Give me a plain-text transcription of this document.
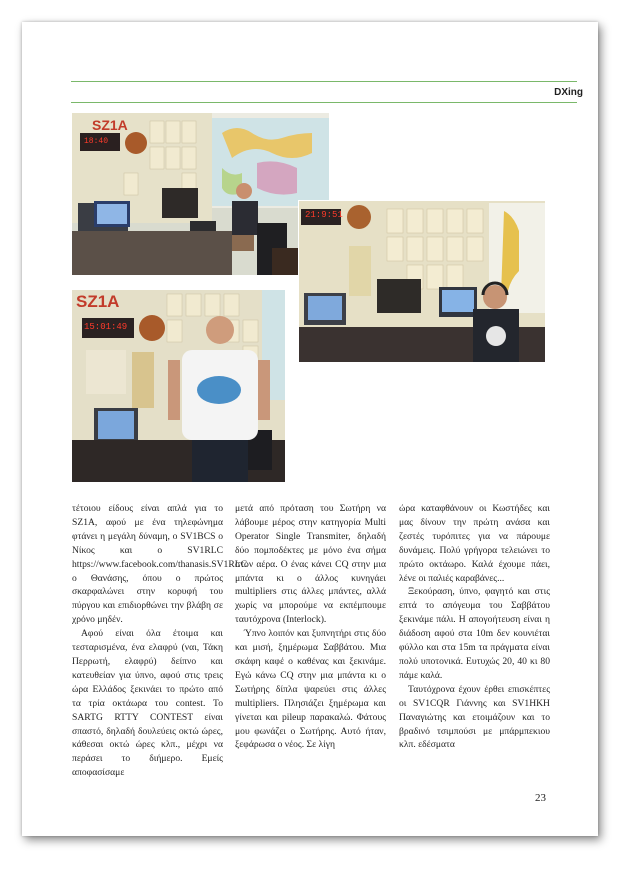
DXing
SZ1A
18:40
21:9:51
SZ1A
15:01:49

τέτοιου είδους είναι απλά για το SZ1A, αφού με ένα τηλεφώνημα φτάνει η μεγάλη δύναμη, ο SV1BCS ο Νίκος και ο SV1RLC https://www.facebook.com/thanasis.SV1RLC ο Θανάσης, όπου ο πρώτος σκαρφαλώνει στην κορυφή του πύργου και επιδιορθώνει την βλάβη σε χρόνο μηδέν.

Αφού είναι όλα έτοιμα και τεσταρισμένα, ένα ελαφρύ (ναι, Τάκη Περρωτή, ελαφρύ) δείπνο και κατευθείαν για ύπνο, αφού στις τρεις ώρα Ελλάδος ξεκινάει το πρώτο από τα τρία οκτάωρα του contest. Το SARTG RTTY CONTEST είναι σπαστό, δηλαδή δουλεύεις οκτώ ώρες, κάθεσαι οκτώ ώρες κλπ., μέχρι να περάσει το διήμερο. Εμείς αποφασίσαμε

μετά από πρόταση του Σωτήρη να λάβουμε μέρος στην κατηγορία Multi Operator Single Transmiter, δηλαδή δύο πομποδέκτες με μόνο ένα σήμα στον αέρα. Ο ένας κάνει CQ στην μια μπάντα κι ο άλλος κυνηγάει multipliers στις άλλες μπάντες, αλλά χωρίς να μπορούμε να εκπέμπουμε ταυτόχρονα (Interlock).

Ύπνο λοιπόν και ξυπνητήρι στις δύο και μισή, ξημέρωμα Σαββάτου. Μια σκάφη καφέ ο καθένας και ξεκινάμε. Εγώ κάνω CQ στην μια μπάντα κι ο Σωτήρης δίπλα ψαρεύει στις άλλες multipliers. Πλησιάζει ξημέρωμα και γίνεται και pileup παρακαλώ. Φάτους μου φωνάζει ο Σωτήρης. Αυτό ήταν, ξεφάρωσα ο νέος. Σε λίγη

ώρα καταφθάνουν οι Κωστήδες και μας δίνουν την πρώτη ανάσα και ζεστές τυρόπιτες για να πάρουμε δυνάμεις. Πολύ γρήγορα τελειώνει το πρώτο οκτάωρο. Καλά έχουμε πάει, λένε οι παλιές καραβάνες...

Ξεκούραση, ύπνο, φαγητό και στις επτά το απόγευμα του Σαββάτου ξεκινάμε πάλι. Η απογοήτευση είναι η διάδοση αφού στα 10m δεν κουνιέται φύλλο και στα 15m τα πράγματα είναι πολύ υποτονικά. Ευτυχώς 20, 40 κι 80 πάμε καλά.

Ταυτόχρονα έχουν έρθει επισκέπτες οι SV1CQR Γιάννης και SV1HKH Παναγιώτης και ετοιμάζουν και το βραδινό τσιμπούσι με μπάρμπεκιου κλπ. εδέσματα

23
